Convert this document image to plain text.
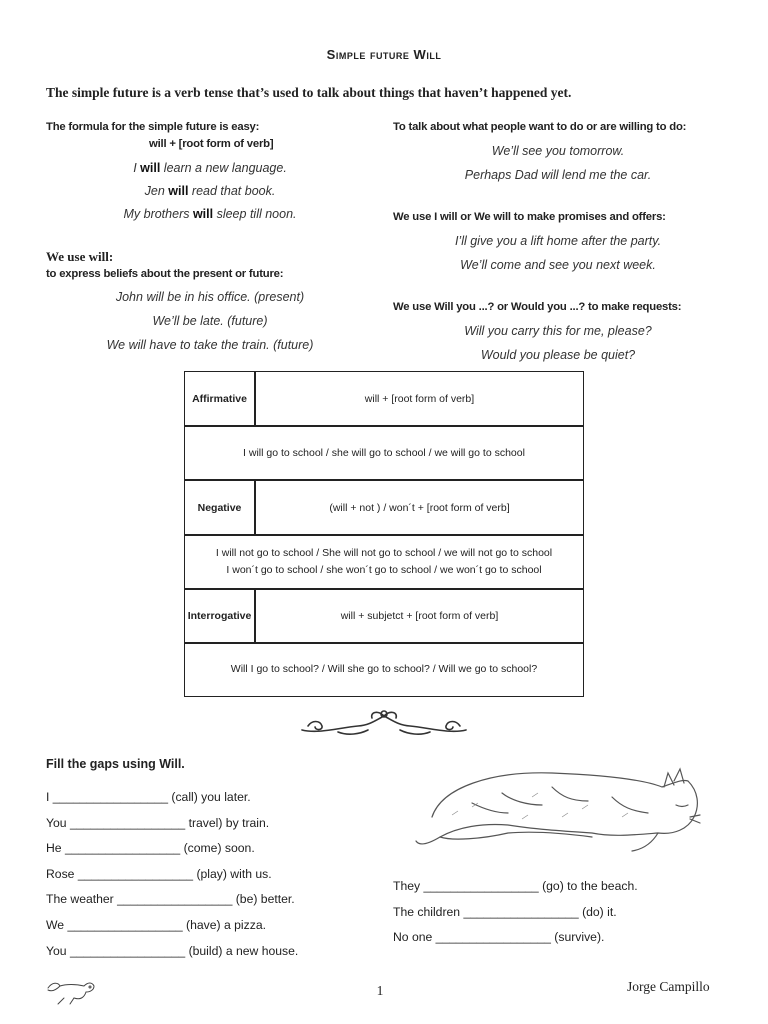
Simple future Will
The simple future is a verb tense that’s used to talk about things that haven’t happened yet.
The formula for the simple future is easy:
will + [root form of verb]
I will learn a new language.
Jen will read that book.
My brothers will sleep till noon.
We use will:
to express beliefs about the present or future:
John will be in his office. (present)
We’ll be late. (future)
We will have to take the train. (future)
To talk about what people want to do or are willing to do:
We’ll see you tomorrow.
Perhaps Dad will lend me the car.
We use I will or We will to make promises and offers:
I’ll give you a lift home after the party.
We’ll come and see you next week.
We use Will you ...? or Would you ...? to make requests:
Will you carry this for me, please?
Would you please be quiet?
Affirmative	will + [root form of verb]
I will go to school / she will go to school / we will go to school
Negative	(will + not ) / won´t + [root form of verb]
I will not go to school / She will not go to school / we will not go to school
I won´t go to school / she won´t go to school / we won´t go to school
Interrogative	will + subjetct + [root form of verb]
Will I go to school? / Will she go to school? / Will we go to school?
Fill the gaps using Will.
I _________________ (call) you later.
You _________________ travel) by train.
He _________________ (come) soon.
Rose _________________ (play) with us.
The weather _________________ (be) better.
We _________________ (have) a pizza.
You _________________ (build) a new house.
They _________________ (go) to the beach.
The children _________________ (do) it.
No one _________________ (survive).
1	Jorge Campillo
